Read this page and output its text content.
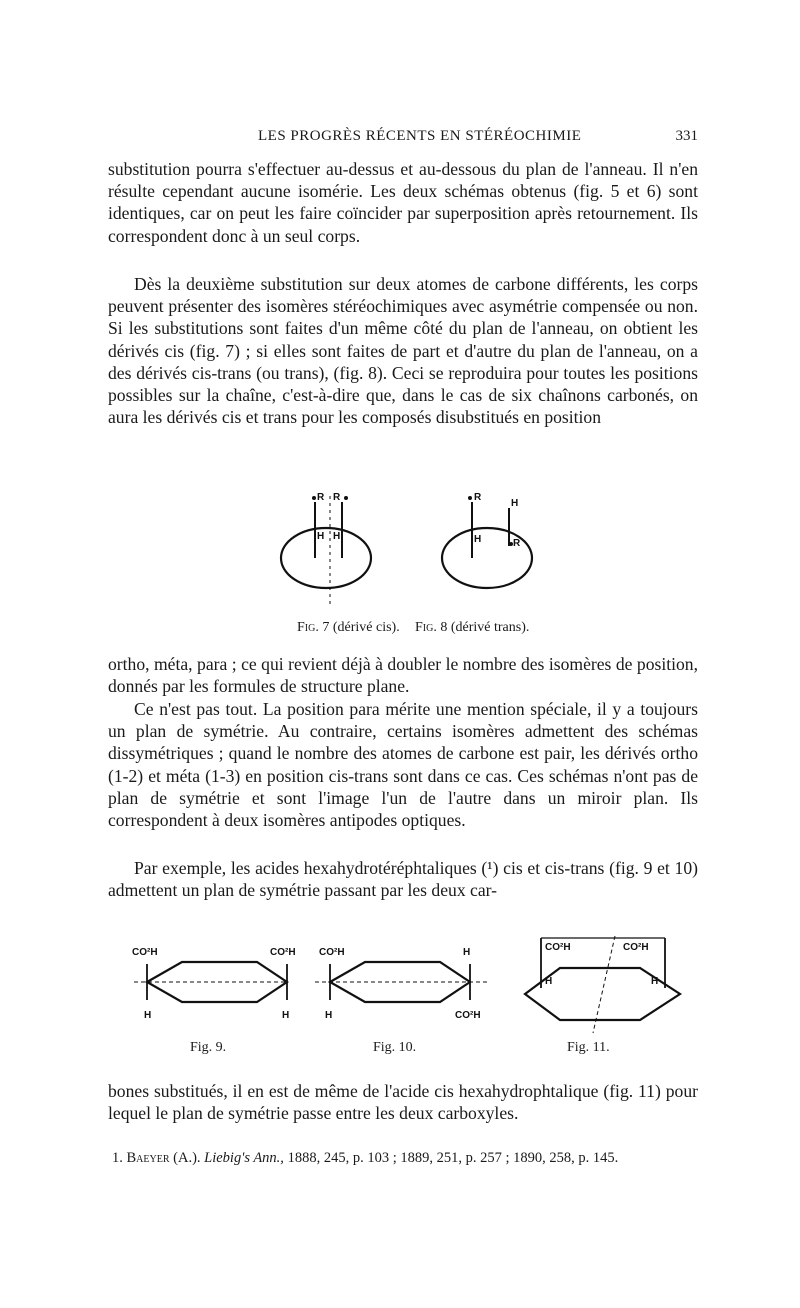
LES PROGRÈS RÉCENTS EN STÉRÉOCHIMIE	331

substitution pourra s'effectuer au-dessus et au-dessous du plan de l'anneau. Il n'en résulte cependant aucune isomérie. Les deux schémas obtenus (fig. 5 et 6) sont identiques, car on peut les faire coïncider par superposition après retournement. Ils correspondent donc à un seul corps.

Dès la deuxième substitution sur deux atomes de carbone différents, les corps peuvent présenter des isomères stéréochimiques avec asymétrie compensée ou non. Si les substitutions sont faites d'un même côté du plan de l'anneau, on obtient les dérivés cis (fig. 7) ; si elles sont faites de part et d'autre du plan de l'anneau, on a des dérivés cis-trans (ou trans), (fig. 8). Ceci se reproduira pour toutes les positions possibles sur la chaîne, c'est-à-dire que, dans le cas de six chaînons carbonés, on aura les dérivés cis et trans pour les composés disubstitués en position

R R
H H
R
H
H	R
Fig. 7 (dérivé cis). Fig. 8 (dérivé trans).

ortho, méta, para ; ce qui revient déjà à doubler le nombre des isomères de position, donnés par les formules de structure plane.

Ce n'est pas tout. La position para mérite une mention spéciale, il y a toujours un plan de symétrie. Au contraire, certains isomères admettent des schémas dissymétriques ; quand le nombre des atomes de carbone est pair, les dérivés ortho (1-2) et méta (1-3) en position cis-trans sont dans ce cas. Ces schémas n'ont pas de plan de symétrie et sont l'image l'un de l'autre dans un miroir plan. Ils correspondent à deux isomères antipodes optiques.

Par exemple, les acides hexahydrotéréphtaliques (¹) cis et cis-trans (fig. 9 et 10) admettent un plan de symétrie passant par les deux car-

CO²H	CO²H
H	H
CO²H	H
H	CO²H
CO²H	CO²H
H	H
Fig. 9.	Fig. 10.	Fig. 11.

bones substitués, il en est de même de l'acide cis hexahydrophtalique (fig. 11) pour lequel le plan de symétrie passe entre les deux carboxyles.

1. Baeyer (A.). Liebig's Ann., 1888, 245, p. 103 ; 1889, 251, p. 257 ; 1890, 258, p. 145.
